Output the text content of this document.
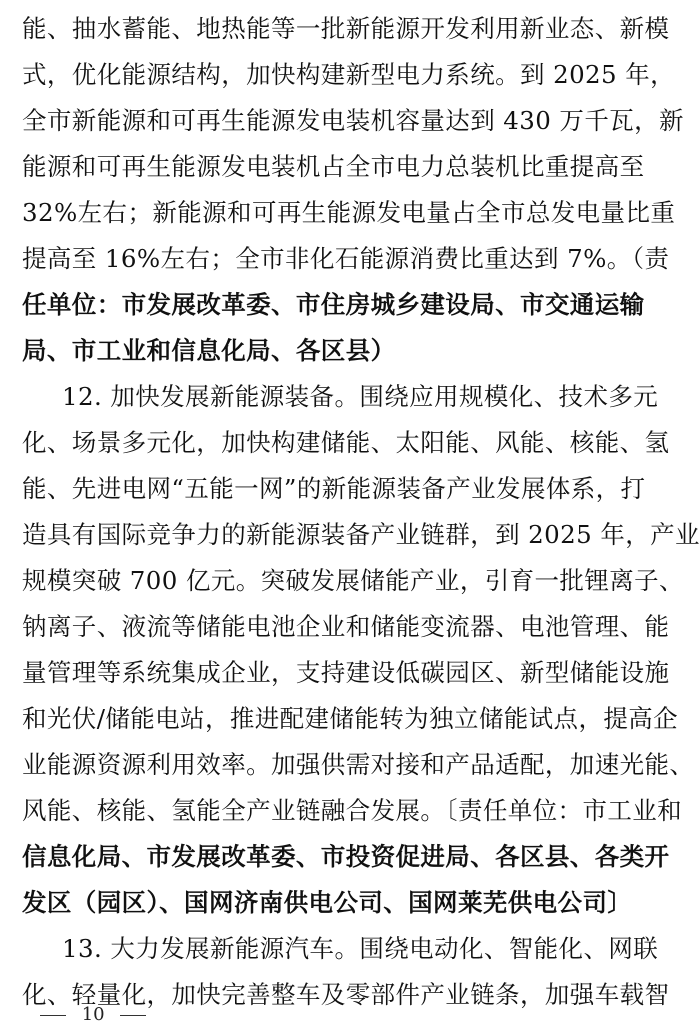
能、抽水蓄能、地热能等一批新能源开发利用新业态、新模
式，优化能源结构，加快构建新型电力系统。到 2025 年，
全市新能源和可再生能源发电装机容量达到 430 万千瓦，新
能源和可再生能源发电装机占全市电力总装机比重提高至
32%左右；新能源和可再生能源发电量占全市总发电量比重
提高至 16%左右；全市非化石能源消费比重达到 7%。（责
任单位：市发展改革委、市住房城乡建设局、市交通运输
局、市工业和信息化局、各区县）
12. 加快发展新能源装备。围绕应用规模化、技术多元
化、场景多元化，加快构建储能、太阳能、风能、核能、氢
能、先进电网“五能一网”的新能源装备产业发展体系，打
造具有国际竞争力的新能源装备产业链群，到 2025 年，产业
规模突破 700 亿元。突破发展储能产业，引育一批锂离子、
钠离子、液流等储能电池企业和储能变流器、电池管理、能
量管理等系统集成企业，支持建设低碳园区、新型储能设施
和光伏/储能电站，推进配建储能转为独立储能试点，提高企
业能源资源利用效率。加强供需对接和产品适配，加速光能、
风能、核能、氢能全产业链融合发展。〔责任单位：市工业和
信息化局、市发展改革委、市投资促进局、各区县、各类开
发区（园区）、国网济南供电公司、国网莱芜供电公司〕
13. 大力发展新能源汽车。围绕电动化、智能化、网联
化、轻量化，加快完善整车及零部件产业链条，加强车载智
10
